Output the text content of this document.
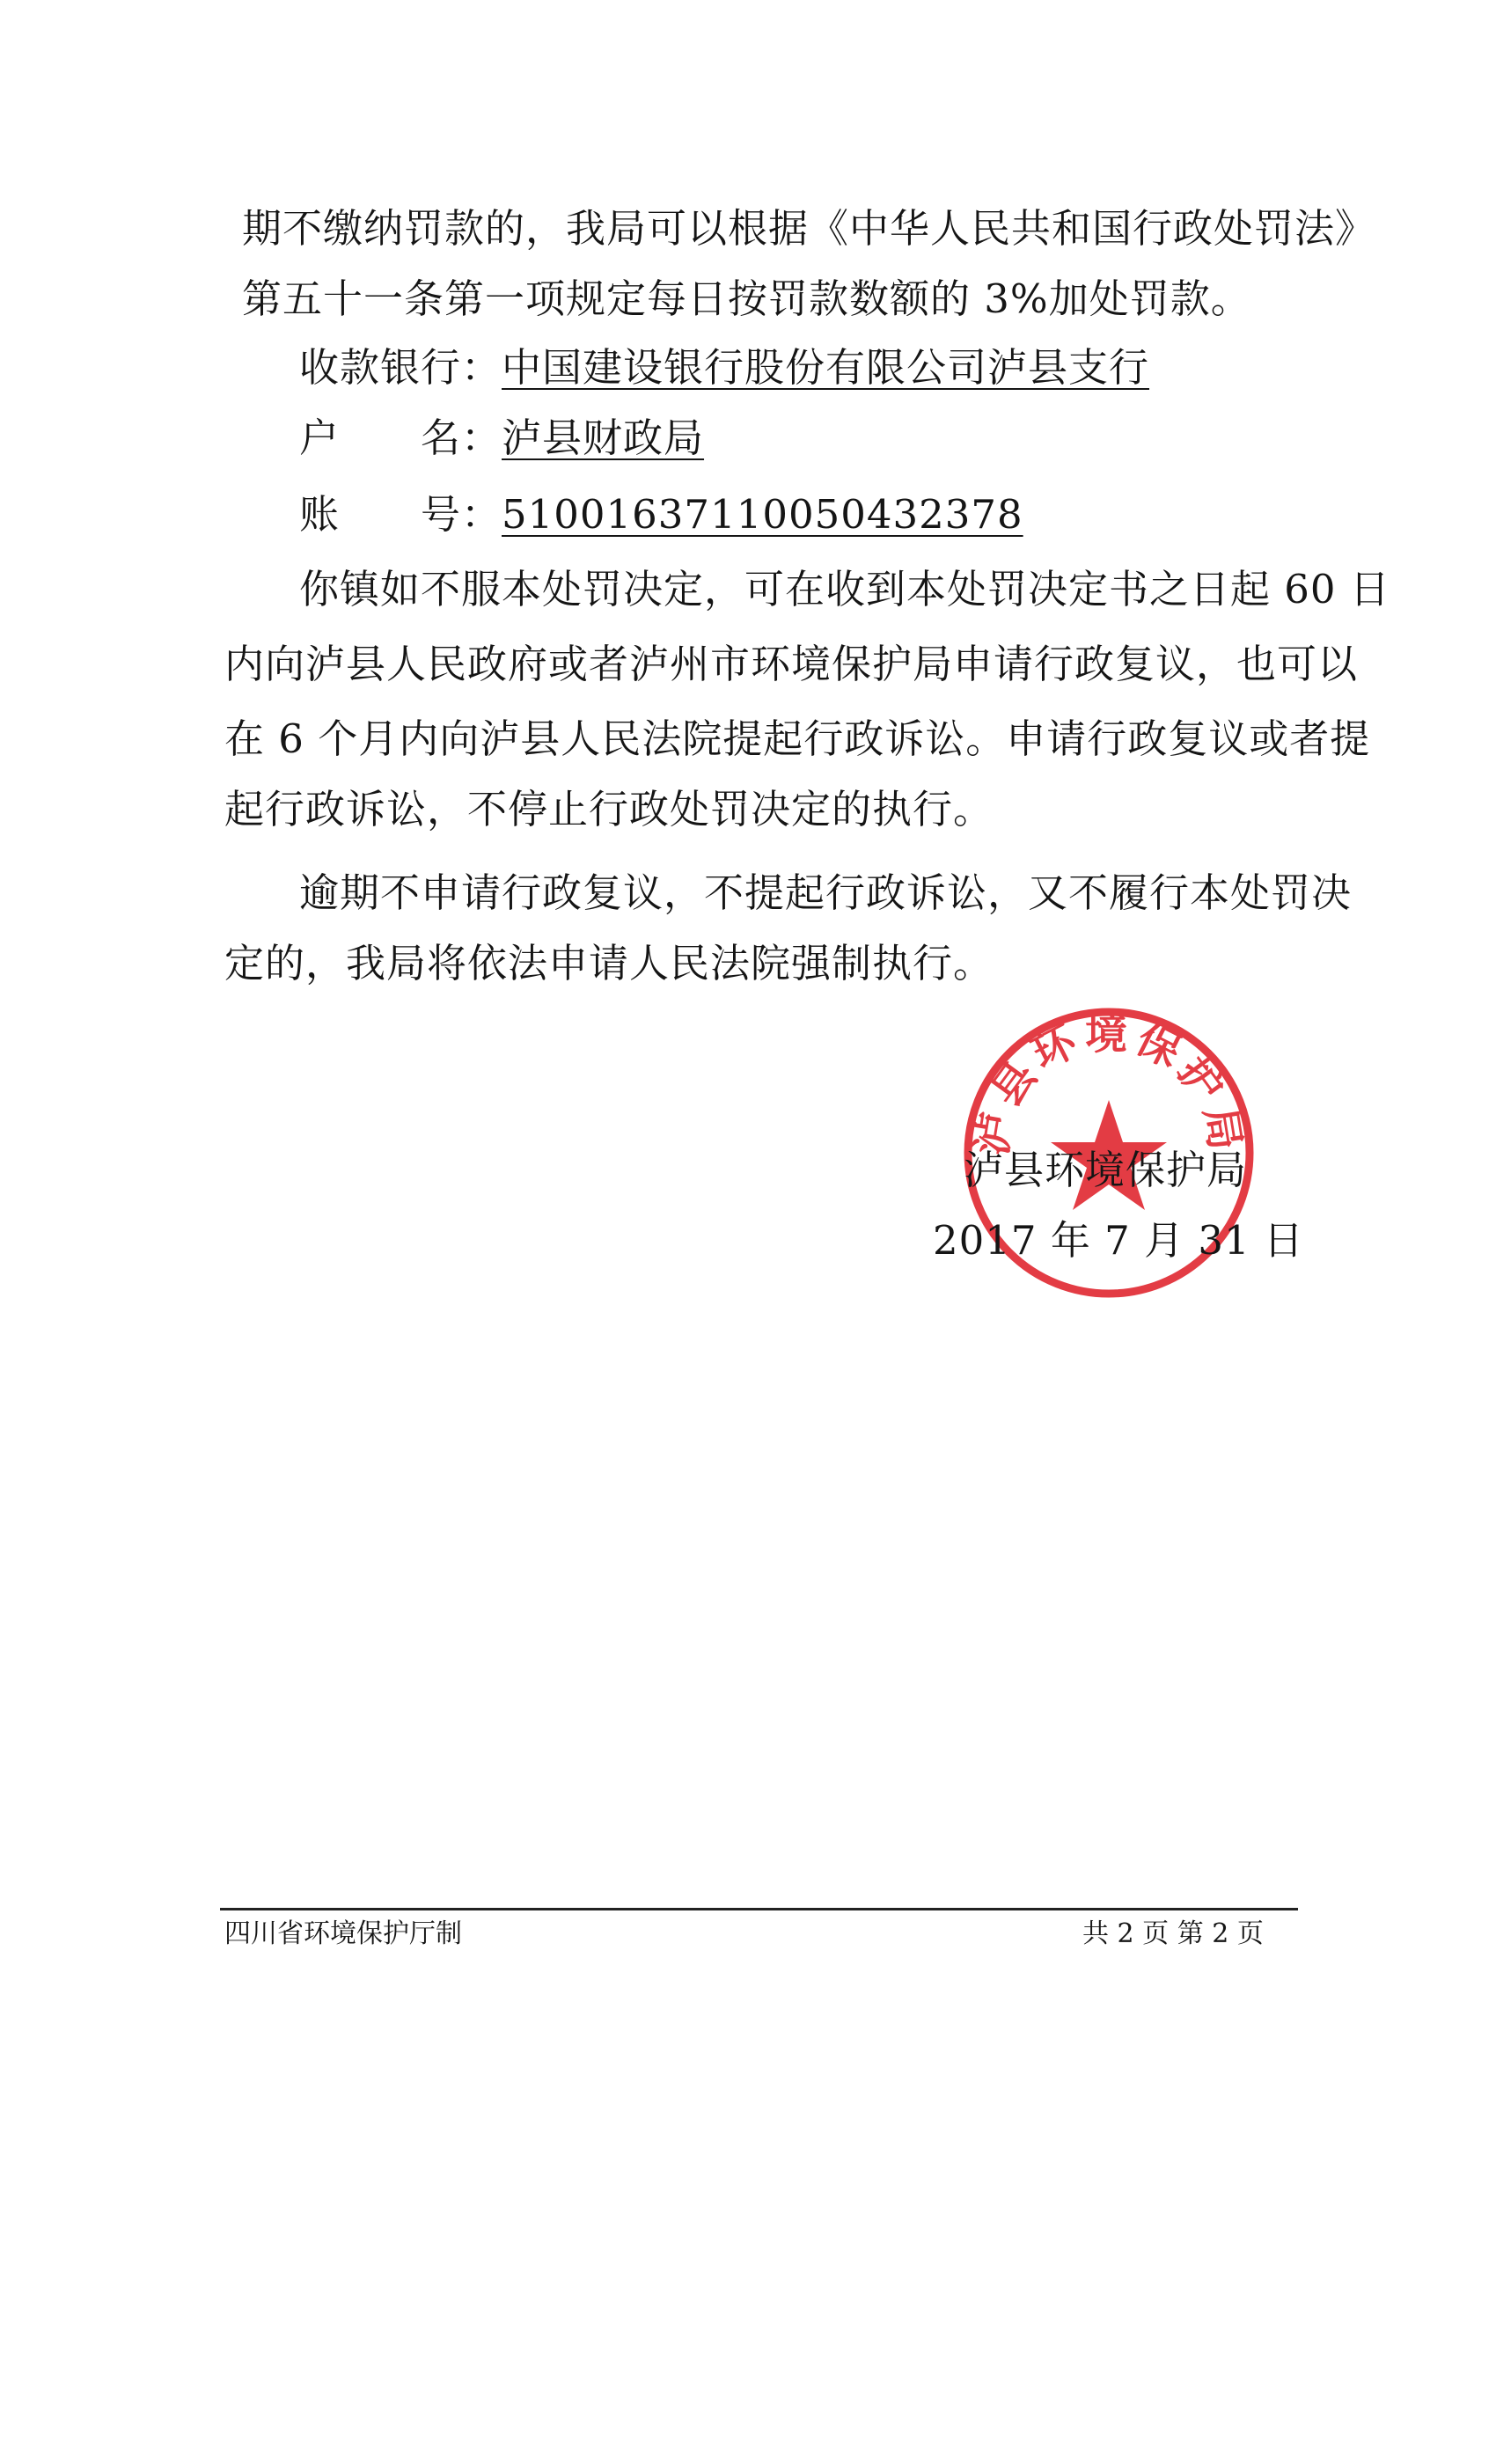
期不缴纳罚款的，我局可以根据《中华人民共和国行政处罚法》
第五十一条第一项规定每日按罚款数额的 3%加处罚款。
收款银行：中国建设银行股份有限公司泸县支行
户　　名：泸县财政局
账　　号：51001637110050432378
你镇如不服本处罚决定，可在收到本处罚决定书之日起 60 日
内向泸县人民政府或者泸州市环境保护局申请行政复议，也可以
在 6 个月内向泸县人民法院提起行政诉讼。申请行政复议或者提
起行政诉讼，不停止行政处罚决定的执行。
逾期不申请行政复议，不提起行政诉讼，又不履行本处罚决
定的，我局将依法申请人民法院强制执行。
泸县环境保护局
泸县环境保护局
2017 年 7 月 31 日
四川省环境保护厅制	共 2 页 第 2 页
